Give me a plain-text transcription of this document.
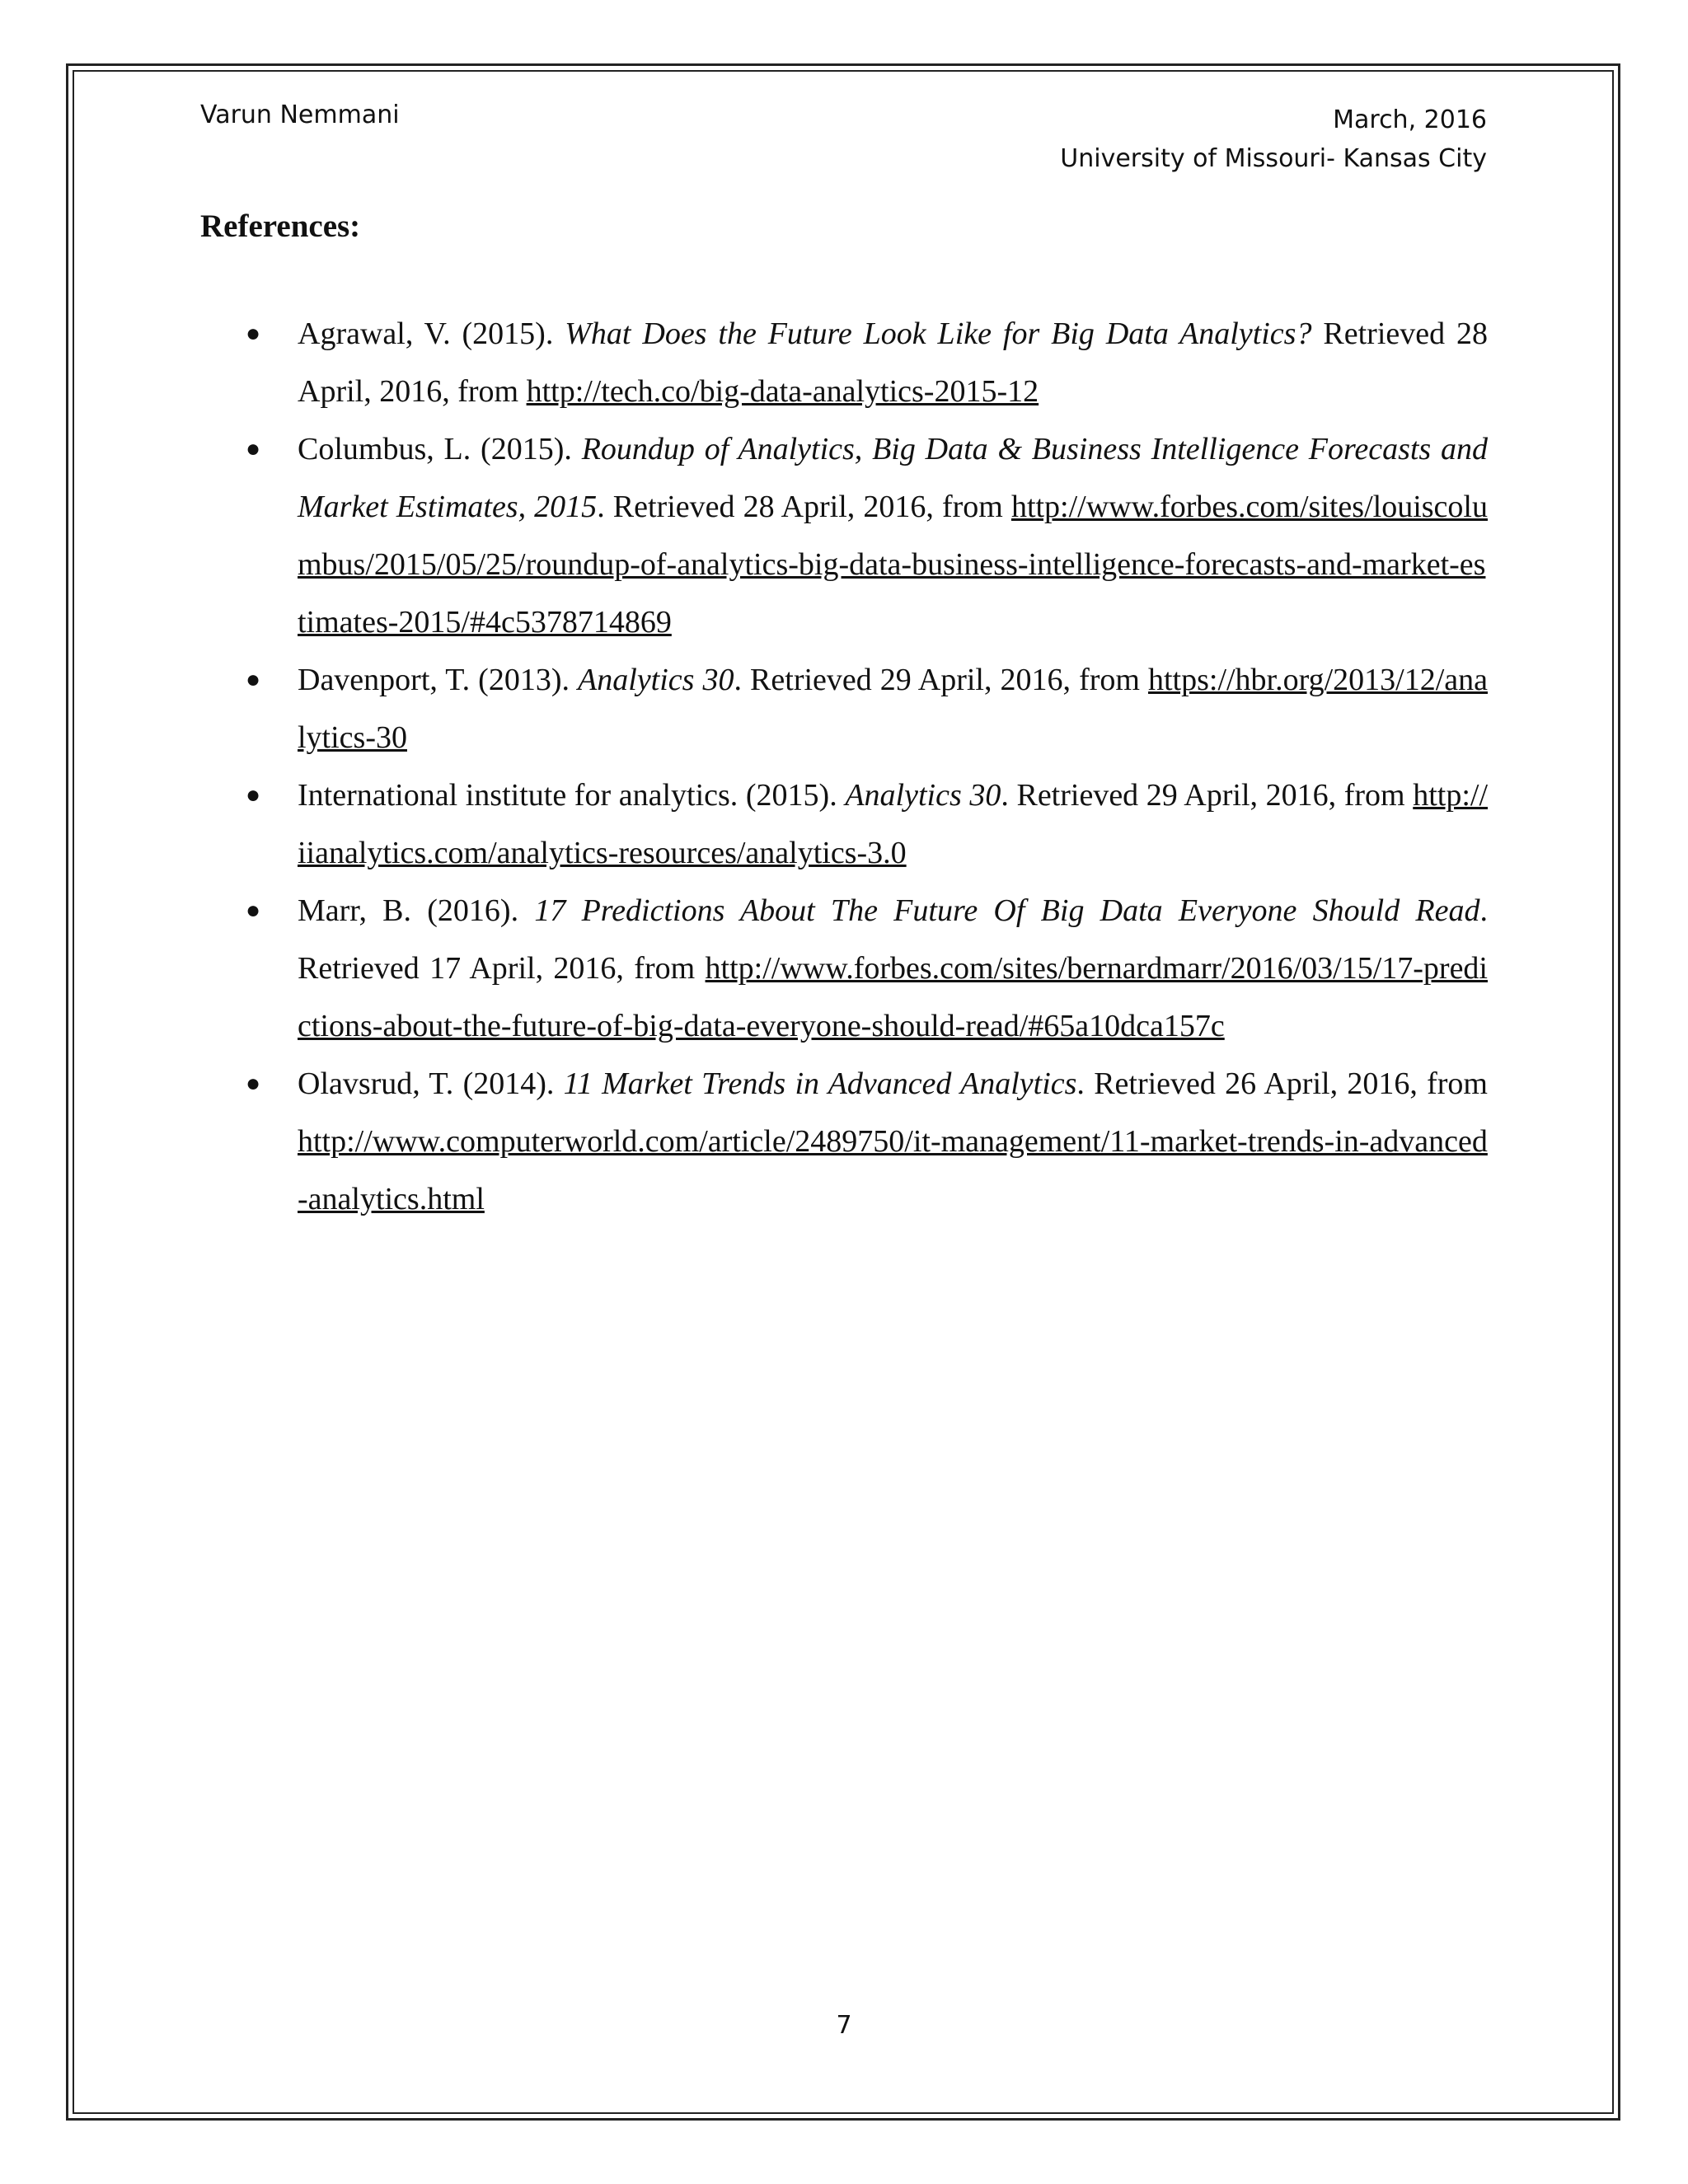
Varun Nemmani	March, 2016
University of Missouri- Kansas City
References:
● Agrawal, V. (2015). What Does the Future Look Like for Big Data Analytics? Retrieved 28 April, 2016, from http://tech.co/big-data-analytics-2015-12
● Columbus, L. (2015). Roundup of Analytics, Big Data & Business Intelligence Forecasts and Market Estimates, 2015. Retrieved 28 April, 2016, from http://www.forbes.com/sites/louiscolumbus/2015/05/25/roundup-of-analytics-big-data-business-intelligence-forecasts-and-market-estimates-2015/#4c5378714869
● Davenport, T. (2013). Analytics 30. Retrieved 29 April, 2016, from https://hbr.org/2013/12/analytics-30
● International institute for analytics. (2015). Analytics 30. Retrieved 29 April, 2016, from http://iianalytics.com/analytics-resources/analytics-3.0
● Marr, B. (2016). 17 Predictions About The Future Of Big Data Everyone Should Read. Retrieved 17 April, 2016, from http://www.forbes.com/sites/bernardmarr/2016/03/15/17-predictions-about-the-future-of-big-data-everyone-should-read/#65a10dca157c
● Olavsrud, T. (2014). 11 Market Trends in Advanced Analytics. Retrieved 26 April, 2016, from http://www.computerworld.com/article/2489750/it-management/11-market-trends-in-advanced-analytics.html
7
